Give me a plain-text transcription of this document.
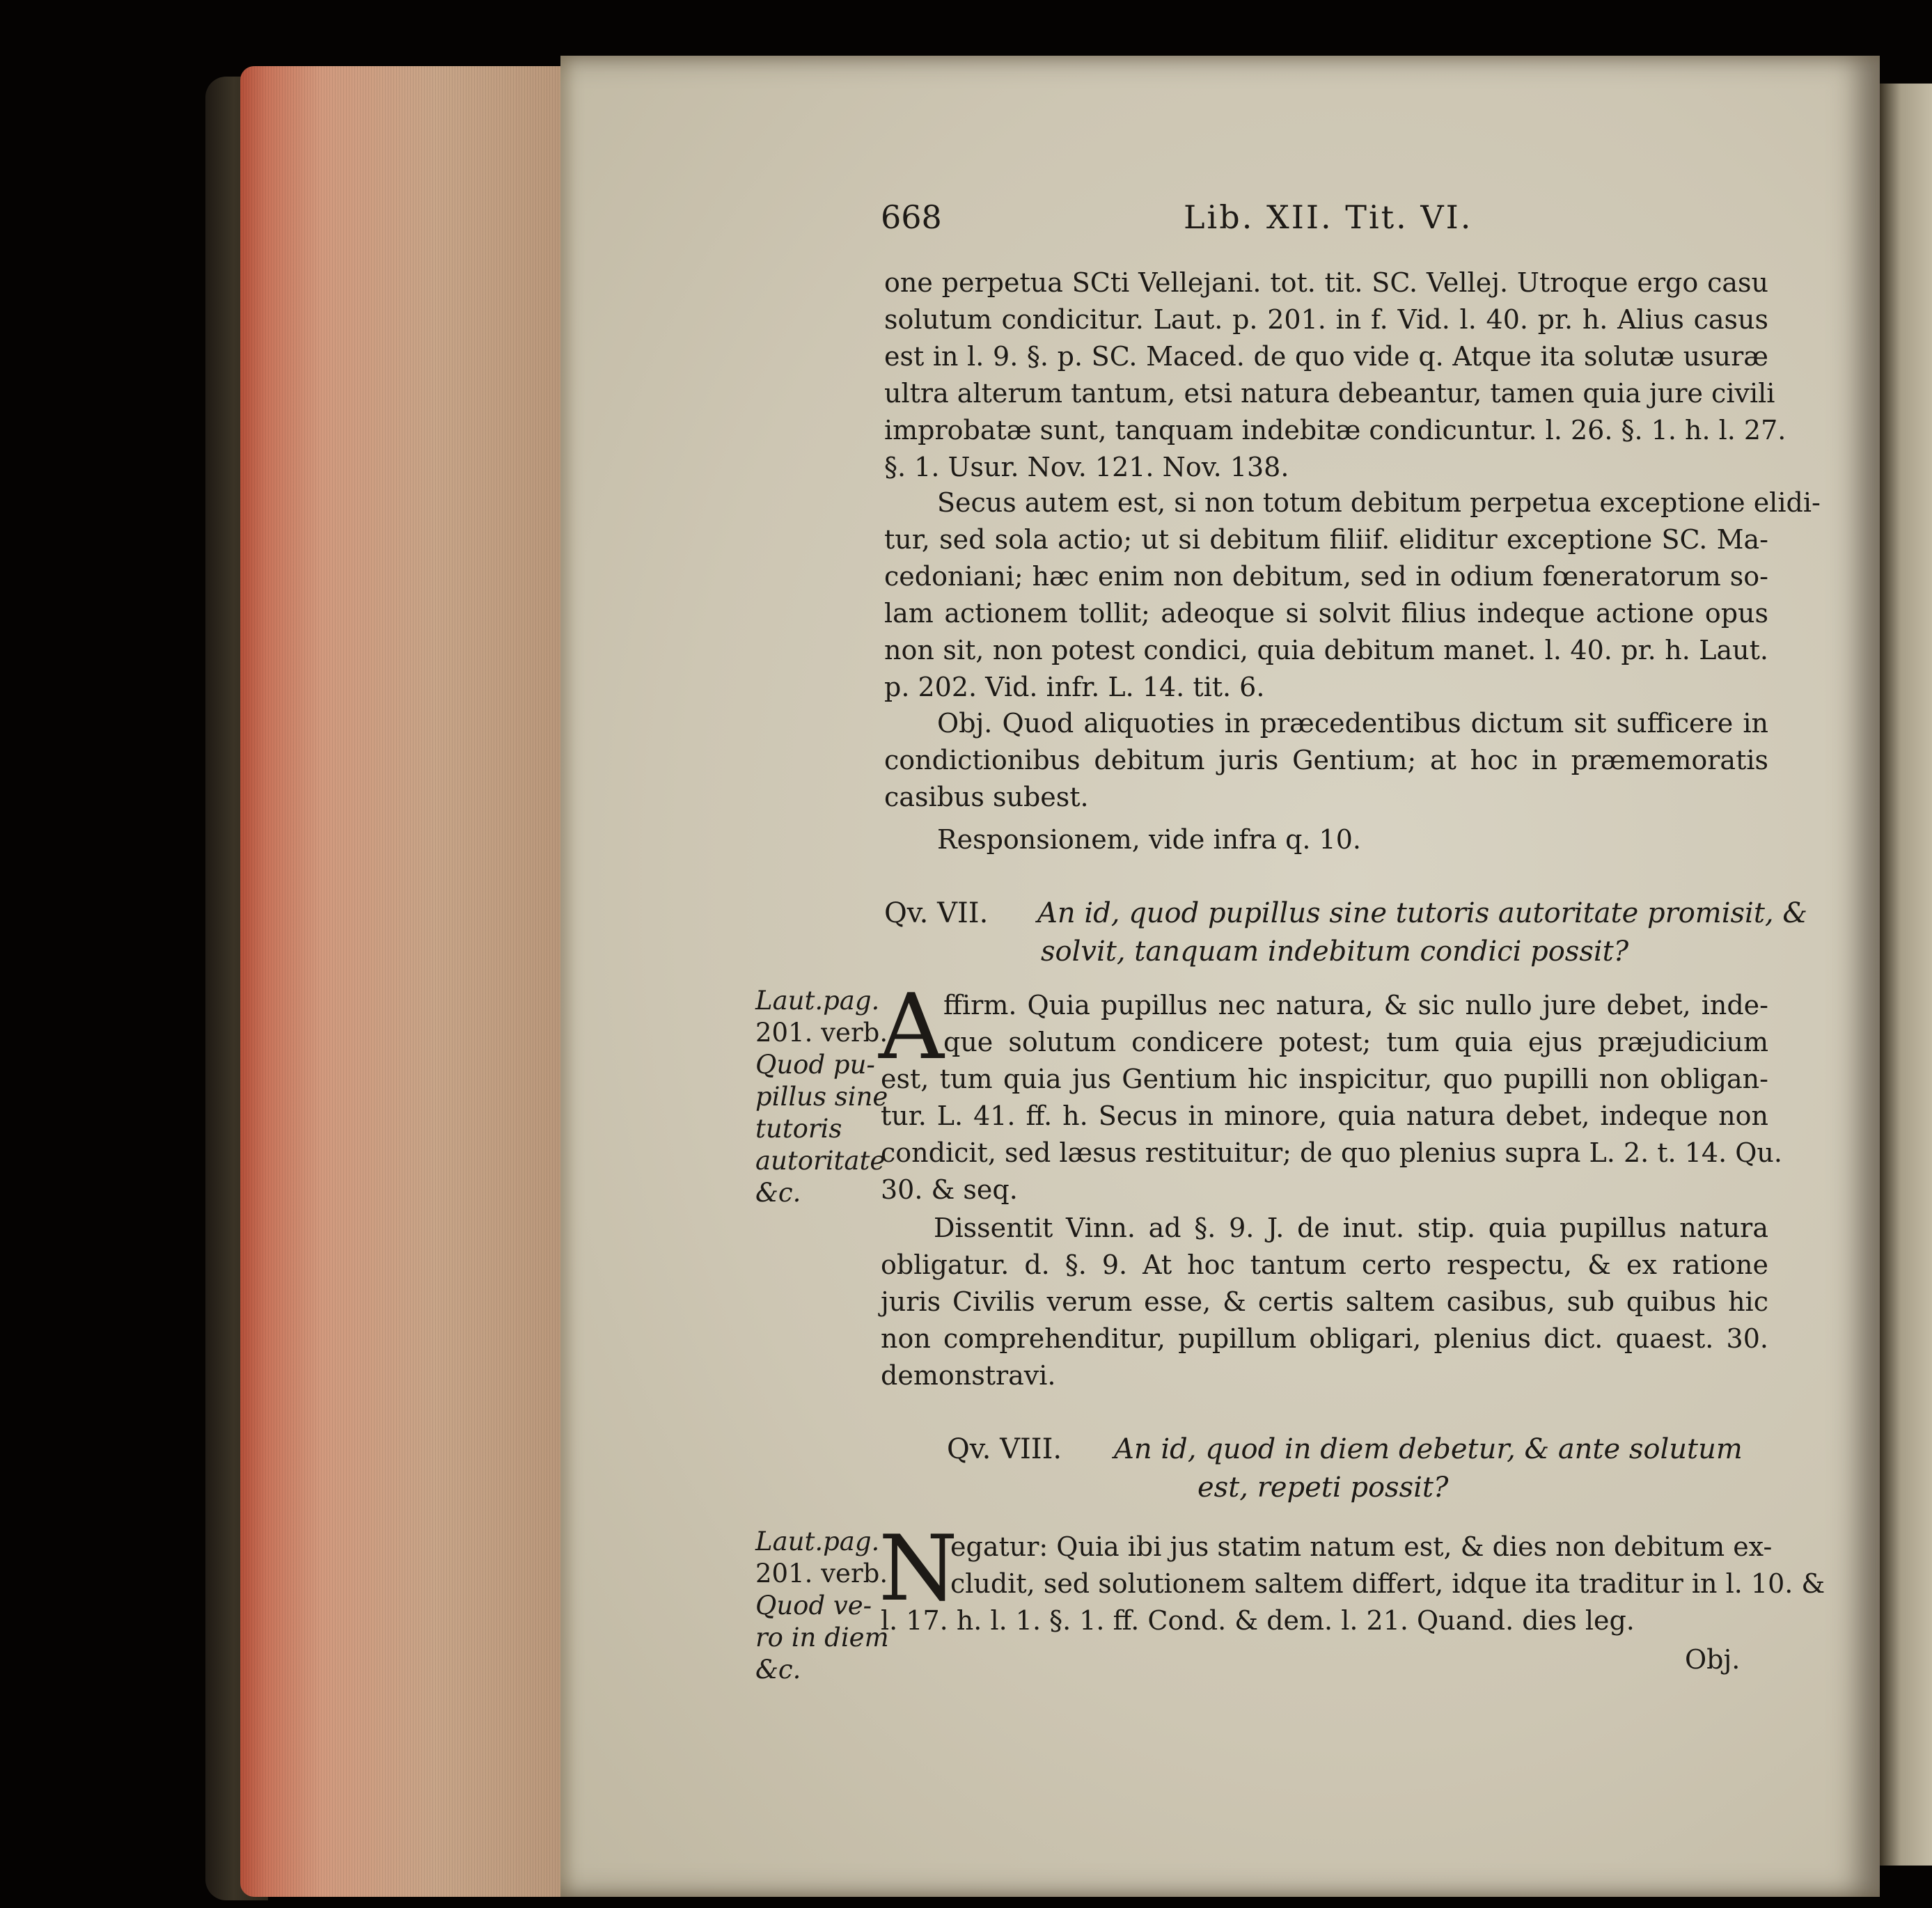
668	Lib. XII. Tit. VI.
one perpetua SCti Vellejani. tot. tit. SC. Vellej. Utroque ergo casu
solutum condicitur. Laut. p. 201. in f. Vid. l. 40. pr. h. Alius casus
est in l. 9. §. p. SC. Maced. de quo vide q. Atque ita solutæ usuræ
ultra alterum tantum, etsi natura debeantur, tamen quia jure civili
improbatæ sunt, tanquam indebitæ condicuntur. l. 26. §. 1. h. l. 27.
§. 1. Usur. Nov. 121. Nov. 138.
Secus autem est, si non totum debitum perpetua exceptione elidi-
tur, sed sola actio; ut si debitum filiif. eliditur exceptione SC. Ma-
cedoniani; hæc enim non debitum, sed in odium fœneratorum so-
lam actionem tollit; adeoque si solvit filius indeque actione opus
non sit, non potest condici, quia debitum manet. l. 40. pr. h. Laut.
p. 202. Vid. infr. L. 14. tit. 6.
Obj. Quod aliquoties in præcedentibus dictum sit sufficere in
condictionibus debitum juris Gentium; at hoc in præmemoratis
casibus subest.
Responsionem, vide infra q. 10.
Qv. VII. An id, quod pupillus sine tutoris autoritate promisit, &
solvit, tanquam indebitum condici possit?
Laut.pag.
201. verb.
Quod pu-
pillus sine
tutoris
autoritate
&c.
A ffirm. Quia pupillus nec natura, & sic nullo jure debet, inde-
que solutum condicere potest; tum quia ejus præjudicium
est, tum quia jus Gentium hic inspicitur, quo pupilli non obligan-
tur. L. 41. ff. h. Secus in minore, quia natura debet, indeque non
condicit, sed læsus restituitur; de quo plenius supra L. 2. t. 14. Qu.
30. & seq.
Dissentit Vinn. ad §. 9. J. de inut. stip. quia pupillus natura
obligatur. d. §. 9. At hoc tantum certo respectu, & ex ratione
juris Civilis verum esse, & certis saltem casibus, sub quibus hic
non comprehenditur, pupillum obligari, plenius dict. quaest. 30.
demonstravi.
Qv. VIII. An id, quod in diem debetur, & ante solutum
est, repeti possit?
Laut.pag.
201. verb.
Quod ve-
ro in diem
&c.
N
egatur: Quia ibi jus statim natum est, & dies non debitum ex-
cludit, sed solutionem saltem differt, idque ita traditur in l. 10. &
l. 17. h. l. 1. §. 1. ff. Cond. & dem. l. 21. Quand. dies leg.
Obj.
